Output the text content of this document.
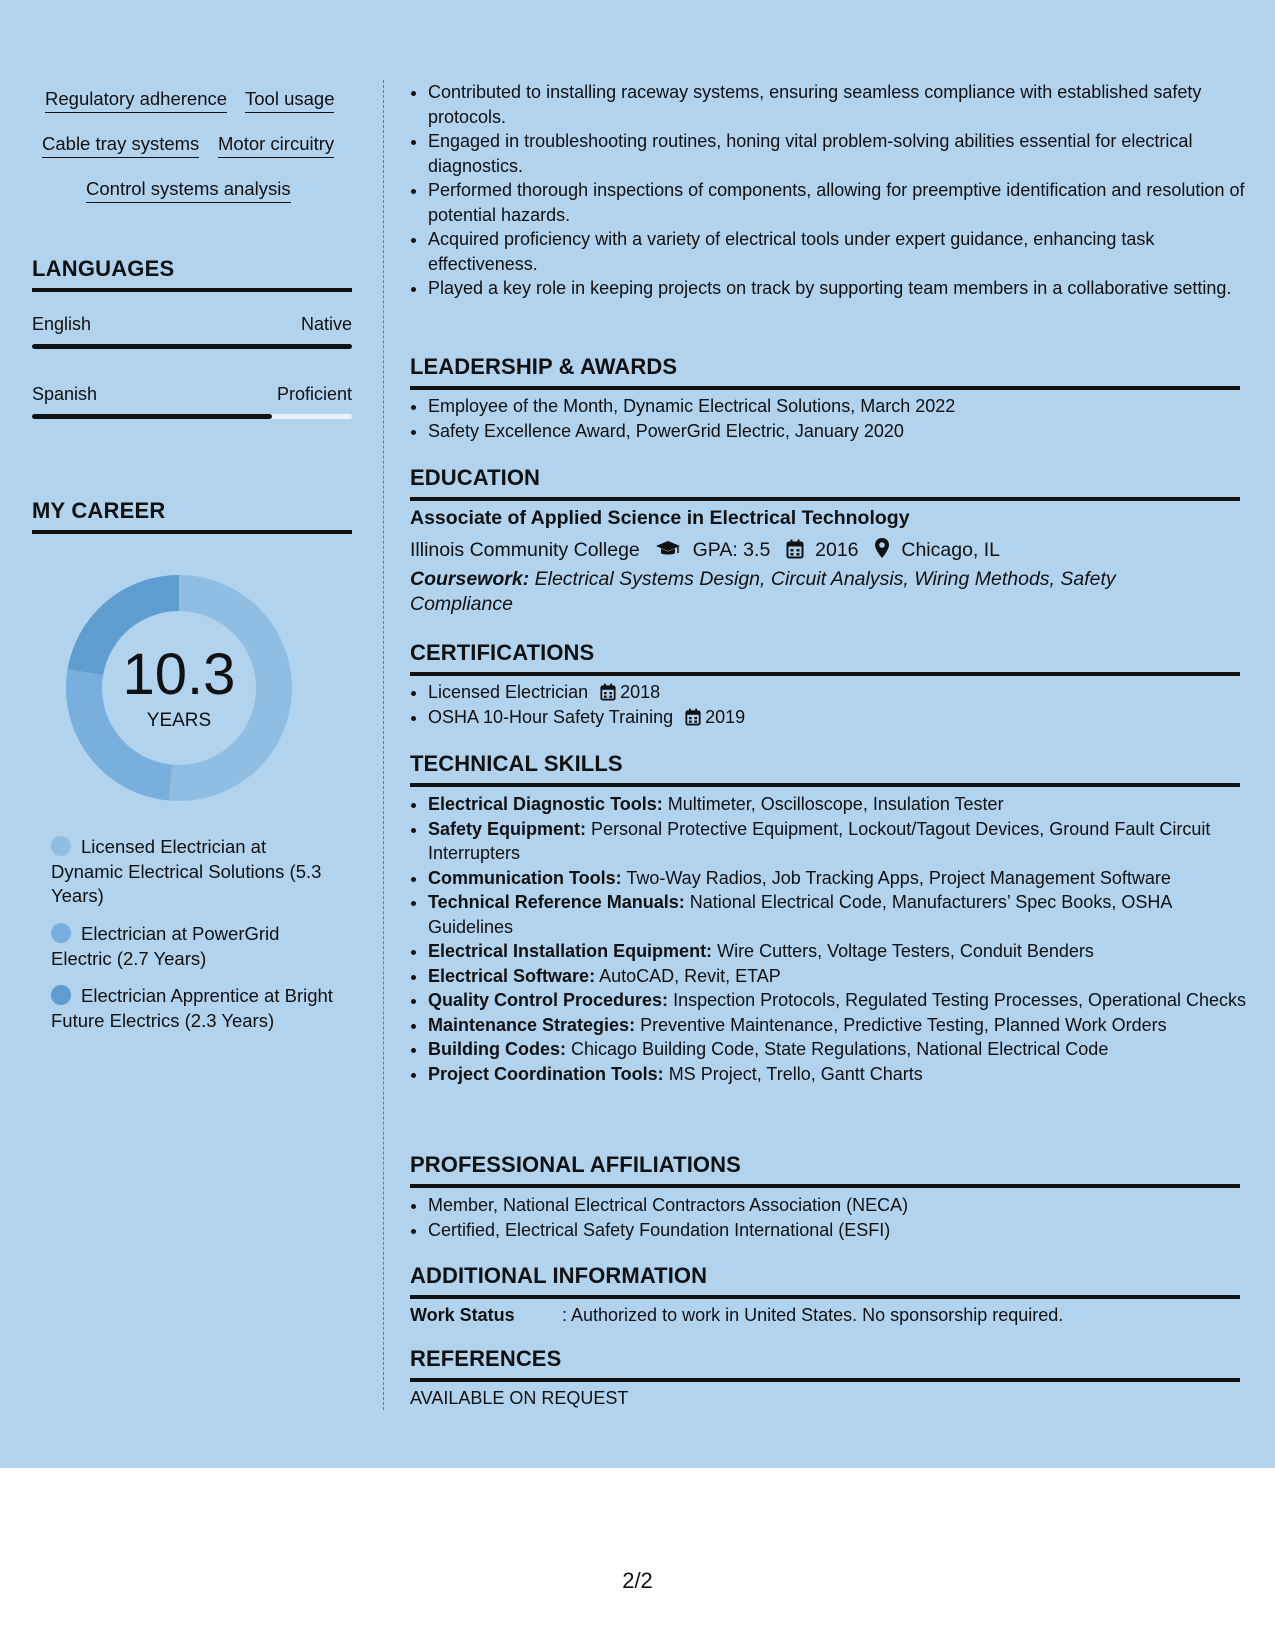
Regulatory adherence Tool usage
Cable tray systems Motor circuitry
Control systems analysis
LANGUAGES
English	Native
Spanish	Proficient
MY CAREER
10.3
YEARS
Licensed Electrician at Dynamic Electrical Solutions (5.3 Years)
Electrician at PowerGrid Electric (2.7 Years)
Electrician Apprentice at Bright Future Electrics (2.3 Years)
• Contributed to installing raceway systems, ensuring seamless compliance with established safety protocols.
• Engaged in troubleshooting routines, honing vital problem-solving abilities essential for electrical diagnostics.
• Performed thorough inspections of components, allowing for preemptive identification and resolution of potential hazards.
• Acquired proficiency with a variety of electrical tools under expert guidance, enhancing task effectiveness.
• Played a key role in keeping projects on track by supporting team members in a collaborative setting.
LEADERSHIP & AWARDS
• Employee of the Month, Dynamic Electrical Solutions, March 2022
• Safety Excellence Award, PowerGrid Electric, January 2020
EDUCATION
Associate of Applied Science in Electrical Technology
Illinois Community College	GPA: 3.5 2016 Chicago, IL
Coursework: Electrical Systems Design, Circuit Analysis, Wiring Methods, Safety Compliance
CERTIFICATIONS
• Licensed Electrician 2018
• OSHA 10-Hour Safety Training 2019
TECHNICAL SKILLS
• Electrical Diagnostic Tools: Multimeter, Oscilloscope, Insulation Tester
• Safety Equipment: Personal Protective Equipment, Lockout/Tagout Devices, Ground Fault Circuit Interrupters
• Communication Tools: Two-Way Radios, Job Tracking Apps, Project Management Software
• Technical Reference Manuals: National Electrical Code, Manufacturers’ Spec Books, OSHA Guidelines
• Electrical Installation Equipment: Wire Cutters, Voltage Testers, Conduit Benders
• Electrical Software: AutoCAD, Revit, ETAP
• Quality Control Procedures: Inspection Protocols, Regulated Testing Processes, Operational Checks
• Maintenance Strategies: Preventive Maintenance, Predictive Testing, Planned Work Orders
• Building Codes: Chicago Building Code, State Regulations, National Electrical Code
• Project Coordination Tools: MS Project, Trello, Gantt Charts
PROFESSIONAL AFFILIATIONS
• Member, National Electrical Contractors Association (NECA)
• Certified, Electrical Safety Foundation International (ESFI)
ADDITIONAL INFORMATION
Work Status	: Authorized to work in United States. No sponsorship required.
REFERENCES
AVAILABLE ON REQUEST
2/2
